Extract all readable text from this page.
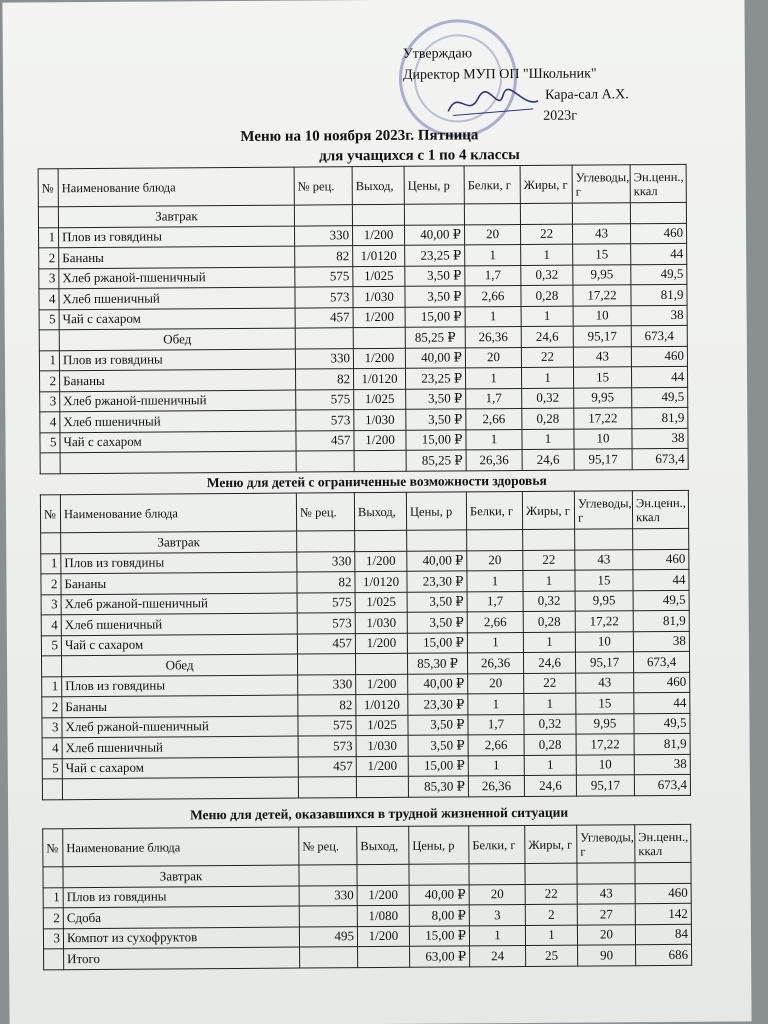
Утверждаю
Директор МУП ОП "Школьник"
Кара-сал А.Х.
2023г
Меню на 10 ноября 2023г. Пятница
для учащихся с 1 по 4 классы
№	Наименование блюда	№ рец.	Выход,	Цены, р	Белки, г	Жиры, г	Углеводы, г	Эн.ценн., ккал
	Завтрак							
1	Плов из говядины	330	1/200	40,00 ₽	20	22	43	460
2	Бананы	82	1/0120	23,25 ₽	1	1	15	44
3	Хлеб ржаной-пшеничный	575	1/025	3,50 ₽	1,7	0,32	9,95	49,5
4	Хлеб пшеничный	573	1/030	3,50 ₽	2,66	0,28	17,22	81,9
5	Чай с сахаром	457	1/200	15,00 ₽	1	1	10	38
	Обед			85,25 ₽	26,36	24,6	95,17	673,4
1	Плов из говядины	330	1/200	40,00 ₽	20	22	43	460
2	Бананы	82	1/0120	23,25 ₽	1	1	15	44
3	Хлеб ржаной-пшеничный	575	1/025	3,50 ₽	1,7	0,32	9,95	49,5
4	Хлеб пшеничный	573	1/030	3,50 ₽	2,66	0,28	17,22	81,9
5	Чай с сахаром	457	1/200	15,00 ₽	1	1	10	38
				85,25 ₽	26,36	24,6	95,17	673,4
Меню для детей с ограниченные возможности здоровья
№	Наименование блюда	№ рец.	Выход,	Цены, р	Белки, г	Жиры, г	Углеводы, г	Эн.ценн., ккал
	Завтрак							
1	Плов из говядины	330	1/200	40,00 ₽	20	22	43	460
2	Бананы	82	1/0120	23,30 ₽	1	1	15	44
3	Хлеб ржаной-пшеничный	575	1/025	3,50 ₽	1,7	0,32	9,95	49,5
4	Хлеб пшеничный	573	1/030	3,50 ₽	2,66	0,28	17,22	81,9
5	Чай с сахаром	457	1/200	15,00 ₽	1	1	10	38
	Обед			85,30 ₽	26,36	24,6	95,17	673,4
1	Плов из говядины	330	1/200	40,00 ₽	20	22	43	460
2	Бананы	82	1/0120	23,30 ₽	1	1	15	44
3	Хлеб ржаной-пшеничный	575	1/025	3,50 ₽	1,7	0,32	9,95	49,5
4	Хлеб пшеничный	573	1/030	3,50 ₽	2,66	0,28	17,22	81,9
5	Чай с сахаром	457	1/200	15,00 ₽	1	1	10	38
				85,30 ₽	26,36	24,6	95,17	673,4
Меню для детей, оказавшихся в трудной жизненной ситуации
№	Наименование блюда	№ рец.	Выход,	Цены, р	Белки, г	Жиры, г	Углеводы, г	Эн.ценн., ккал
	Завтрак							
1	Плов из говядины	330	1/200	40,00 ₽	20	22	43	460
2	Сдоба		1/080	8,00 ₽	3	2	27	142
3	Компот из сухофруктов	495	1/200	15,00 ₽	1	1	20	84
	Итого			63,00 ₽	24	25	90	686
